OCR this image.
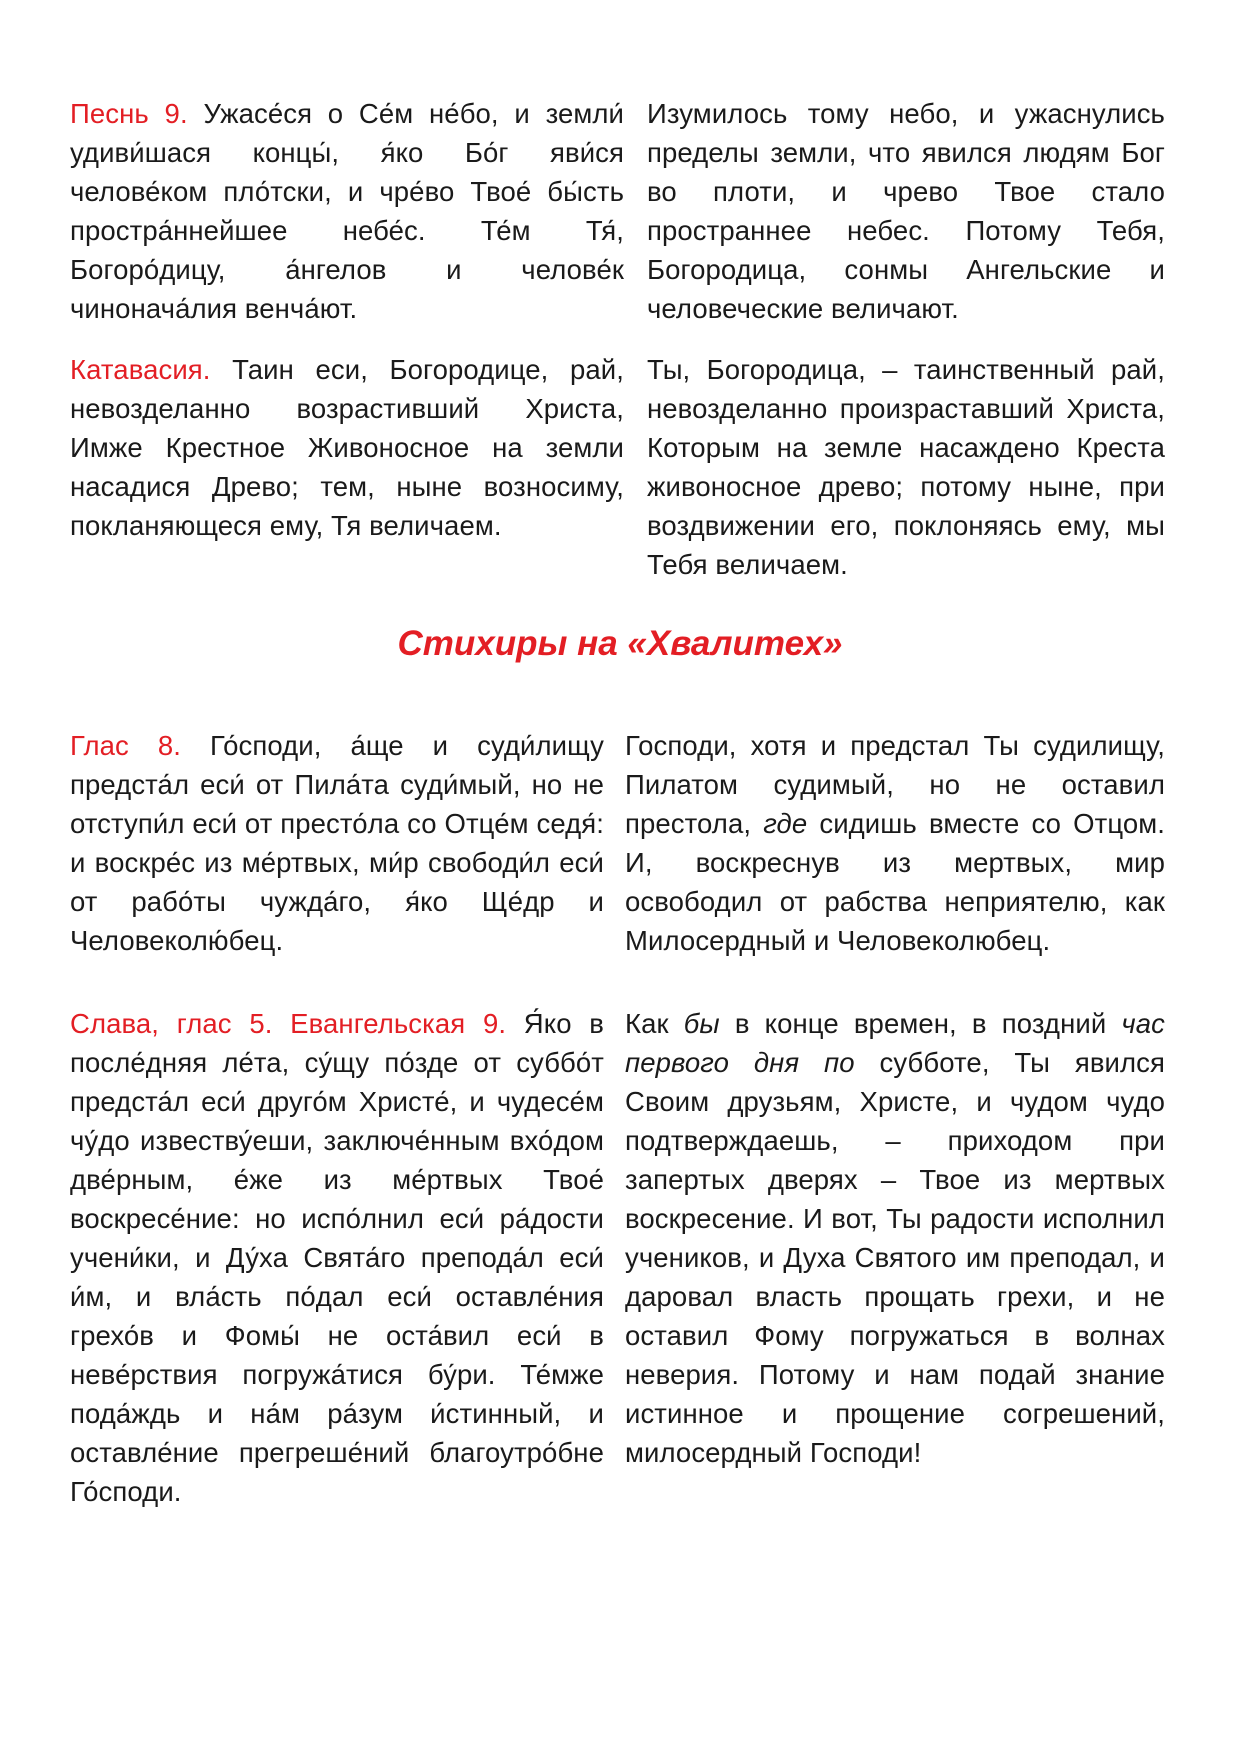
Песнь 9. Ужасе́ся о Се́м не́бо, и земли́ удиви́шася концы́, я́ко Бо́г яви́ся челове́ком пло́тски, и чре́во Твое́ бы́сть простра́ннейшее небе́с. Те́м Тя́, Богоро́дицу, а́нгелов и челове́к чинонача́лия венча́ют.
Изумилось тому небо, и ужаснулись пределы земли, что явился людям Бог во плоти, и чрево Твое стало пространнее небес. Потому Тебя, Богородица, сонмы Ангельские и человеческие величают.
Катавасия. Таин еси, Богородице, рай, невозделанно возрастивший Христа, Имже Крестное Живоносное на земли насадися Древо; тем, ныне возносиму, покланяющеся ему, Тя величаем.
Ты, Богородица, – таинственный рай, невозделанно произраставший Христа, Которым на земле насаждено Креста живоносное древо; потому ныне, при воздвижении его, поклоняясь ему, мы Тебя величаем.
Стихиры на «Хвалитех»
Глас 8. Го́споди, а́ще и суди́лищу предста́л еси́ от Пила́та суди́мый, но не отступи́л еси́ от престо́ла со Отце́м седя́: и воскре́с из ме́ртвых, ми́р свободи́л еси́ от рабо́ты чужда́го, я́ко Ще́др и Человеколю́бец.
Господи, хотя и предстал Ты судилищу, Пилатом судимый, но не оставил престола, где сидишь вместе со Отцом. И, воскреснув из мертвых, мир освободил от рабства неприятелю, как Милосердный и Человеколюбец.
Слава, глас 5. Евангельская 9. Я́ко в после́дняя ле́та, су́щу по́зде от суббо́т предста́л еси́ друго́м Христе́, и чудесе́м чу́до известву́еши, заключе́нным вхо́дом две́рным, е́же из ме́ртвых Твое́ воскресе́ние: но испо́лнил еси́ ра́дости учени́ки, и Ду́ха Свята́го препода́л еси́ и́м, и вла́сть по́дал еси́ оставле́ния грехо́в и Фомы́ не оста́вил еси́ в неве́рствия погружа́тися бу́ри. Те́мже пода́ждь и на́м ра́зум и́стинный, и оставле́ние прегреше́ний благоутро́бне Го́споди.
Как бы в конце времен, в поздний час первого дня по субботе, Ты явился Своим друзьям, Христе, и чудом чудо подтверждаешь, – приходом при запертых дверях – Твое из мертвых воскресение. И вот, Ты радости исполнил учеников, и Духа Святого им преподал, и даровал власть прощать грехи, и не оставил Фому погружаться в волнах неверия. Потому и нам подай знание истинное и прощение согрешений, милосердный Господи!
